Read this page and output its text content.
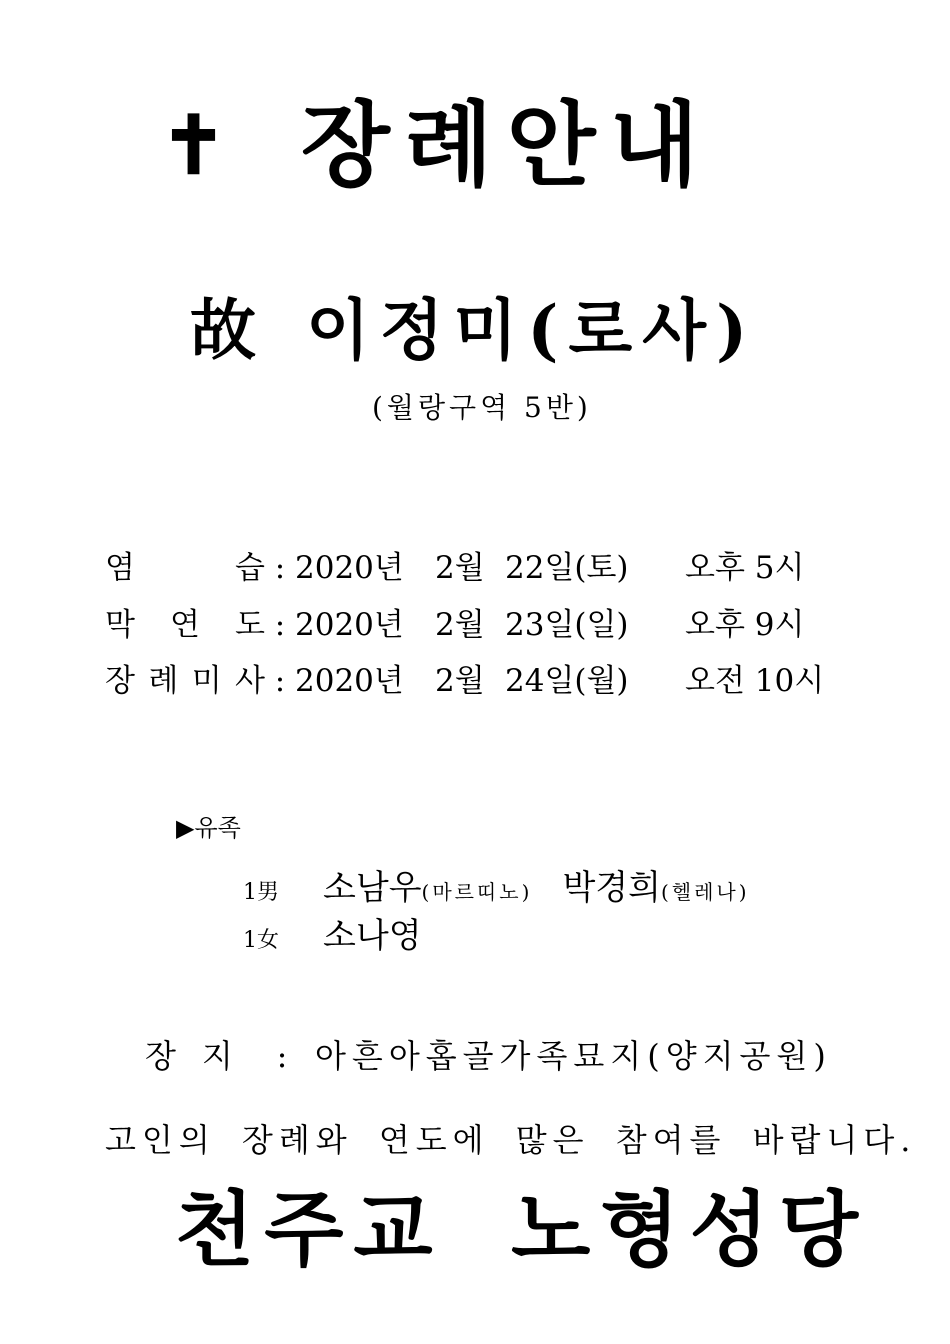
✝ 장례안내
故 이정미(로사)
(월랑구역 5반)
염	습 : 2020년	2월 22일(토)	오후 5시
막 연 도 : 2020년	2월 23일(일)	오후 9시
장 례 미 사 : 2020년	2월 24일(월)	오전 10시
▶유족
1男 소남우(마르띠노) 박경희(헬레나)
1女 소나영
장지 : 아흔아홉골가족묘지(양지공원)
고인의 장례와 연도에 많은 참여를 바랍니다.
천주교 노형성당
